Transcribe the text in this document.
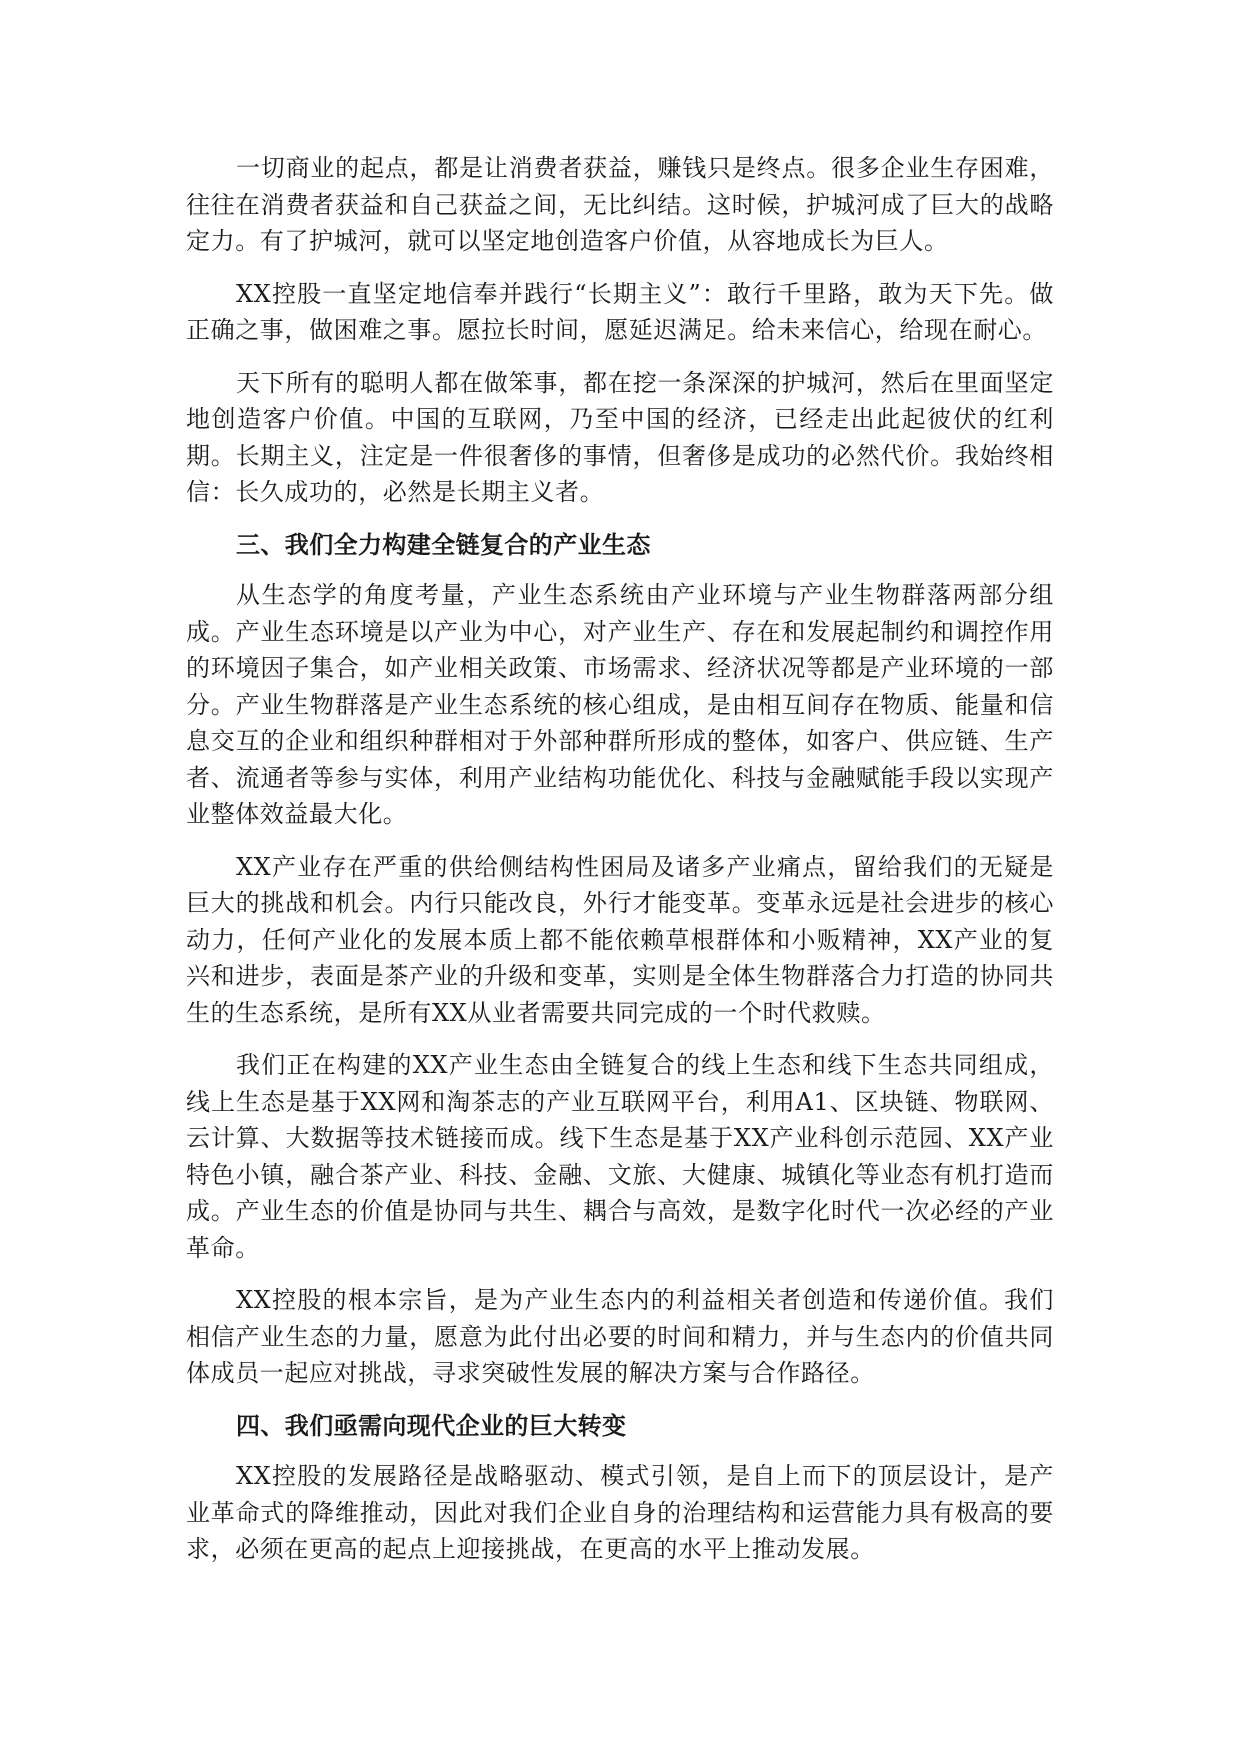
一切商业的起点，都是让消费者获益，赚钱只是终点。很多企业生存困难，往往在消费者获益和自己获益之间，无比纠结。这时候，护城河成了巨大的战略定力。有了护城河，就可以坚定地创造客户价值，从容地成长为巨人。

XX控股一直坚定地信奉并践行“长期主义”：敢行千里路，敢为天下先。做正确之事，做困难之事。愿拉长时间，愿延迟满足。给未来信心，给现在耐心。

天下所有的聪明人都在做笨事，都在挖一条深深的护城河，然后在里面坚定地创造客户价值。中国的互联网，乃至中国的经济，已经走出此起彼伏的红利期。长期主义，注定是一件很奢侈的事情，但奢侈是成功的必然代价。我始终相信：长久成功的，必然是长期主义者。

三、我们全力构建全链复合的产业生态

从生态学的角度考量，产业生态系统由产业环境与产业生物群落两部分组成。产业生态环境是以产业为中心，对产业生产、存在和发展起制约和调控作用的环境因子集合，如产业相关政策、市场需求、经济状况等都是产业环境的一部分。产业生物群落是产业生态系统的核心组成，是由相互间存在物质、能量和信息交互的企业和组织种群相对于外部种群所形成的整体，如客户、供应链、生产者、流通者等参与实体，利用产业结构功能优化、科技与金融赋能手段以实现产业整体效益最大化。

XX产业存在严重的供给侧结构性困局及诸多产业痛点，留给我们的无疑是巨大的挑战和机会。内行只能改良，外行才能变革。变革永远是社会进步的核心动力，任何产业化的发展本质上都不能依赖草根群体和小贩精神，XX产业的复兴和进步，表面是茶产业的升级和变革，实则是全体生物群落合力打造的协同共生的生态系统，是所有XX从业者需要共同完成的一个时代救赎。

我们正在构建的XX产业生态由全链复合的线上生态和线下生态共同组成，线上生态是基于XX网和淘茶志的产业互联网平台，利用A1、区块链、物联网、云计算、大数据等技术链接而成。线下生态是基于XX产业科创示范园、XX产业特色小镇，融合茶产业、科技、金融、文旅、大健康、城镇化等业态有机打造而成。产业生态的价值是协同与共生、耦合与高效，是数字化时代一次必经的产业革命。

XX控股的根本宗旨，是为产业生态内的利益相关者创造和传递价值。我们相信产业生态的力量，愿意为此付出必要的时间和精力，并与生态内的价值共同体成员一起应对挑战，寻求突破性发展的解决方案与合作路径。

四、我们亟需向现代企业的巨大转变

XX控股的发展路径是战略驱动、模式引领，是自上而下的顶层设计，是产业革命式的降维推动，因此对我们企业自身的治理结构和运营能力具有极高的要求，必须在更高的起点上迎接挑战，在更高的水平上推动发展。
